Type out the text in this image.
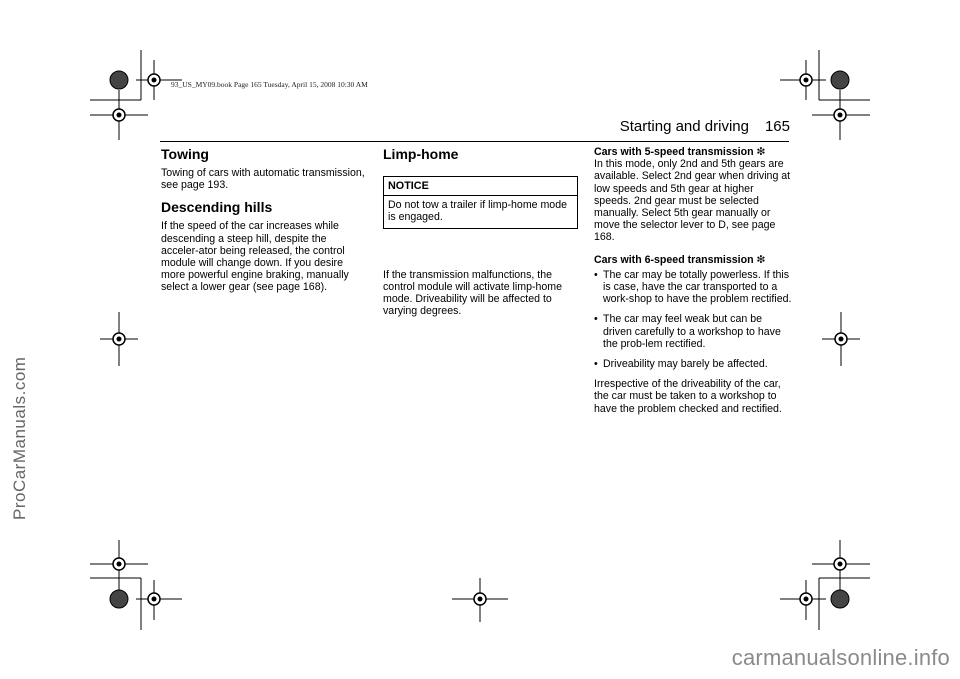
93_US_MY09.book Page 165 Tuesday, April 15, 2008 10:30 AM
Starting and driving 165
Towing

Towing of cars with automatic transmission, see page 193.

Descending hills

If the speed of the car increases while descending a steep hill, despite the acceler-ator being released, the control module will change down. If you desire more powerful engine braking, manually select a lower gear (see page 168).

Limp-home
NOTICE
Do not tow a trailer if limp-home mode is engaged.

If the transmission malfunctions, the control module will activate limp-home mode. Driveability will be affected to varying degrees.

Cars with 5-speed transmission ❇

In this mode, only 2nd and 5th gears are available. Select 2nd gear when driving at low speeds and 5th gear at higher speeds. 2nd gear must be selected manually. Select 5th gear manually or move the selector lever to D, see page 168.

Cars with 6-speed transmission ❇
• The car may be totally powerless. If this is case, have the car transported to a work-shop to have the problem rectified.
• The car may feel weak but can be driven carefully to a workshop to have the prob-lem rectified.
• Driveability may barely be affected.

Irrespective of the driveability of the car, the car must be taken to a workshop to have the problem checked and rectified.

ProCarManuals.com
carmanualsonline.info
